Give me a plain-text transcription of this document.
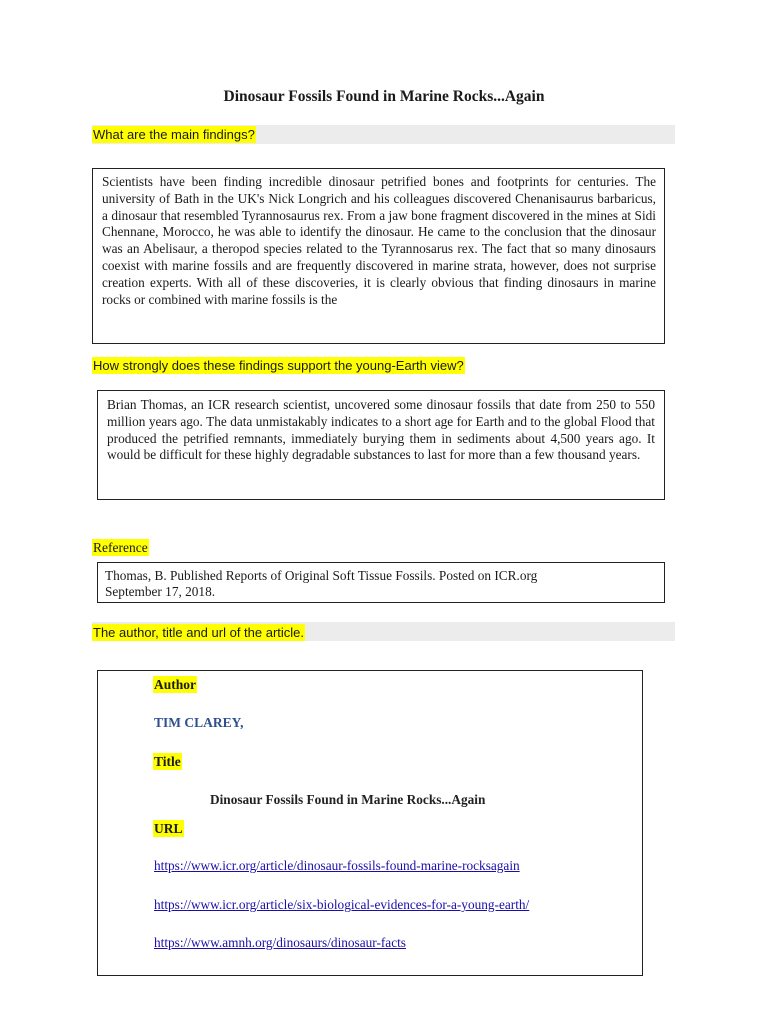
Dinosaur Fossils Found in Marine Rocks...Again
What are the main findings?

Scientists have been finding incredible dinosaur petrified bones and footprints for centuries. The university of Bath in the UK's Nick Longrich and his colleagues discovered Chenanisaurus barbaricus, a dinosaur that resembled Tyrannosaurus rex. From a jaw bone fragment discovered in the mines at Sidi Chennane, Morocco, he was able to identify the dinosaur. He came to the conclusion that the dinosaur was an Abelisaur, a theropod species related to the Tyrannosarus rex. The fact that so many dinosaurs coexist with marine fossils and are frequently discovered in marine strata, however, does not surprise creation experts. With all of these discoveries, it is clearly obvious that finding dinosaurs in marine rocks or combined with marine fossils is the

How strongly does these findings support the young-Earth view?

Brian Thomas, an ICR research scientist, uncovered some dinosaur fossils that date from 250 to 550 million years ago. The data unmistakably indicates to a short age for Earth and to the global Flood that produced the petrified remnants, immediately burying them in sediments about 4,500 years ago. It would be difficult for these highly degradable substances to last for more than a few thousand years.

Reference
Thomas, B. Published Reports of Original Soft Tissue Fossils. Posted on ICR.org
September 17, 2018.
The author, title and url of the article.
Author
TIM CLAREY,
Title
Dinosaur Fossils Found in Marine Rocks...Again
URL
https://www.icr.org/article/dinosaur-fossils-found-marine-rocksagain
https://www.icr.org/article/six-biological-evidences-for-a-young-earth/
https://www.amnh.org/dinosaurs/dinosaur-facts
